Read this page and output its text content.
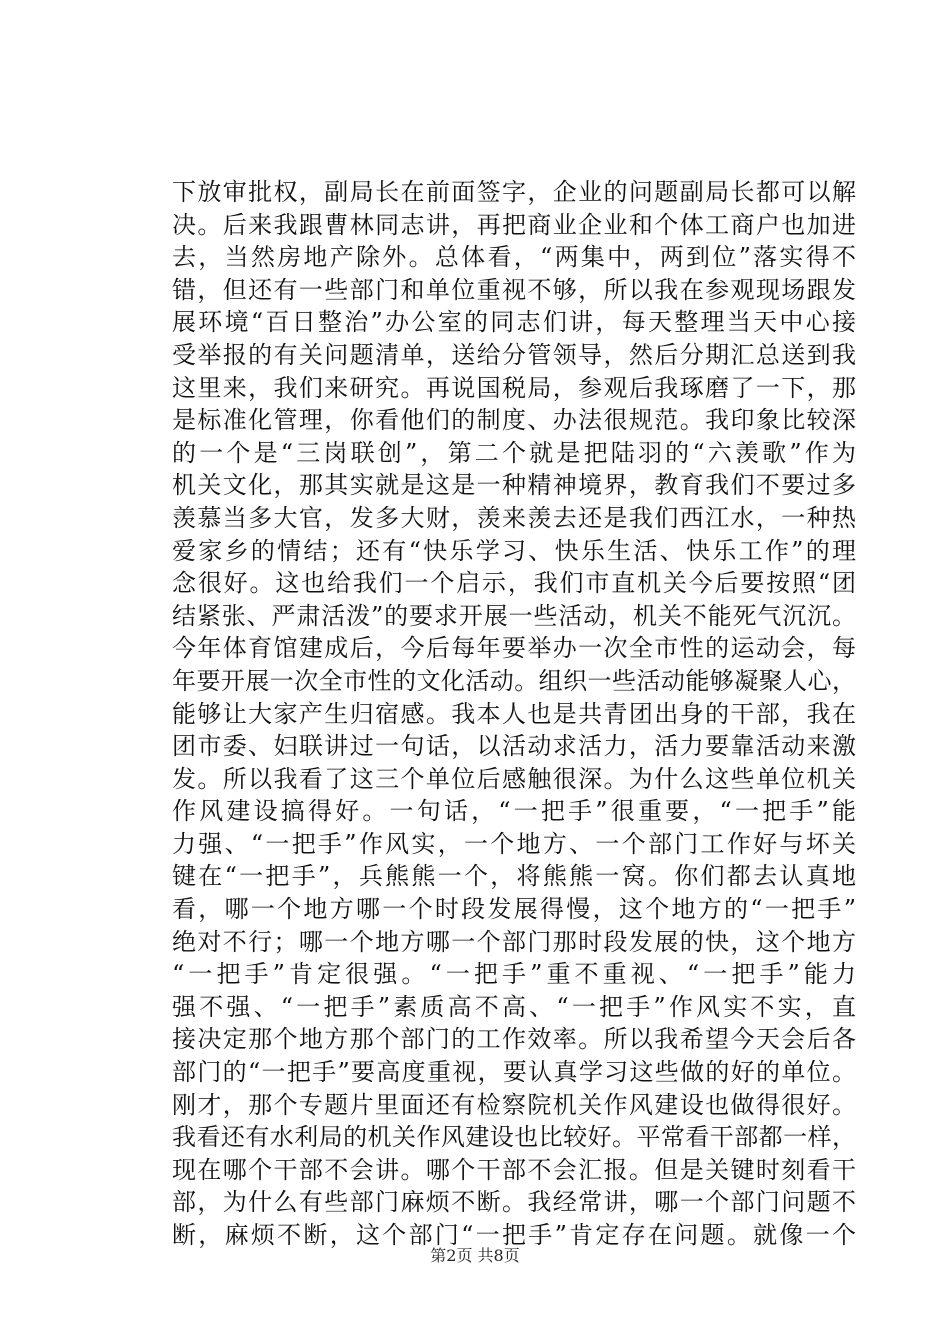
下放审批权，副局长在前面签字，企业的问题副局长都可以解
决。后来我跟曹林同志讲，再把商业企业和个体工商户也加进
去，当然房地产除外。总体看，“两集中，两到位”落实得不
错，但还有一些部门和单位重视不够，所以我在参观现场跟发
展环境“百日整治”办公室的同志们讲，每天整理当天中心接
受举报的有关问题清单，送给分管领导，然后分期汇总送到我
这里来，我们来研究。再说国税局，参观后我琢磨了一下，那
是标准化管理，你看他们的制度、办法很规范。我印象比较深
的一个是“三岗联创”，第二个就是把陆羽的“六羡歌”作为
机关文化，那其实就是这是一种精神境界，教育我们不要过多
羡慕当多大官，发多大财，羡来羡去还是我们西江水，一种热
爱家乡的情结；还有“快乐学习、快乐生活、快乐工作”的理
念很好。这也给我们一个启示，我们市直机关今后要按照“团
结紧张、严肃活泼”的要求开展一些活动，机关不能死气沉沉。
今年体育馆建成后，今后每年要举办一次全市性的运动会，每
年要开展一次全市性的文化活动。组织一些活动能够凝聚人心，
能够让大家产生归宿感。我本人也是共青团出身的干部，我在
团市委、妇联讲过一句话，以活动求活力，活力要靠活动来激
发。所以我看了这三个单位后感触很深。为什么这些单位机关
作风建设搞得好。一句话，“一把手”很重要，“一把手”能
力强、“一把手”作风实，一个地方、一个部门工作好与坏关
键在“一把手”，兵熊熊一个，将熊熊一窝。你们都去认真地
看，哪一个地方哪一个时段发展得慢，这个地方的“一把手”
绝对不行；哪一个地方哪一个部门那时段发展的快，这个地方
“一把手”肯定很强。“一把手”重不重视、“一把手”能力
强不强、“一把手”素质高不高、“一把手”作风实不实，直
接决定那个地方那个部门的工作效率。所以我希望今天会后各
部门的“一把手”要高度重视，要认真学习这些做的好的单位。
刚才，那个专题片里面还有检察院机关作风建设也做得很好。
我看还有水利局的机关作风建设也比较好。平常看干部都一样，
现在哪个干部不会讲。哪个干部不会汇报。但是关键时刻看干
部，为什么有些部门麻烦不断。我经常讲，哪一个部门问题不
断，麻烦不断，这个部门“一把手”肯定存在问题。就像一个
第2页 共8页
